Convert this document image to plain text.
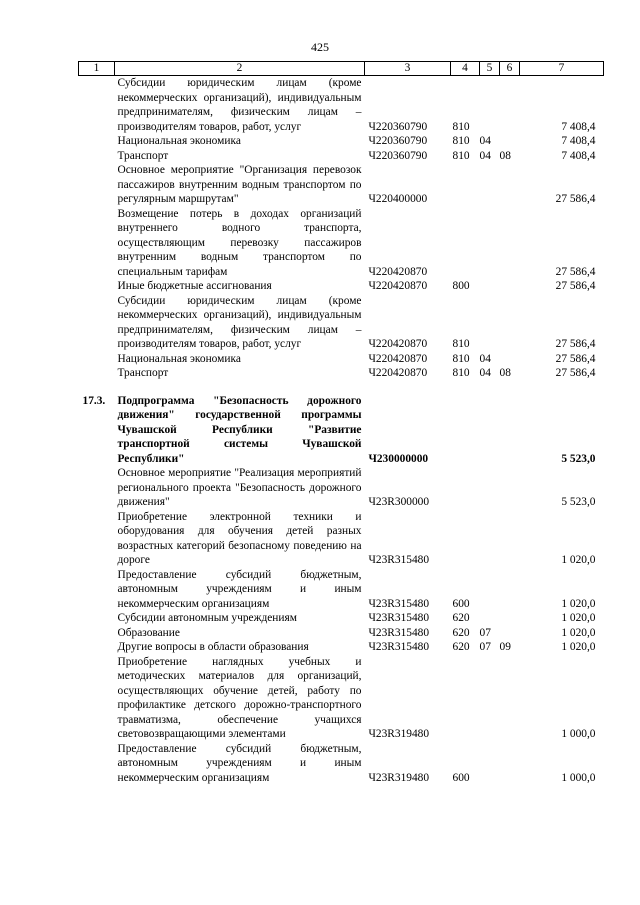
425
1	2	3	4	5	6	7
	Субсидии юридическим лицам (кроме некоммерческих организаций), индивидуальным предпринимателям, физическим лицам – производителям товаров, работ, услуг	Ч220360790	810			7 408,4
	Национальная экономика	Ч220360790	810	04		7 408,4
	Транспорт	Ч220360790	810	04	08	7 408,4
	Основное мероприятие "Организация перевозок пассажиров внутренним водным транспортом по регулярным маршрутам"	Ч220400000				27 586,4
	Возмещение потерь в доходах организаций внутреннего водного транспорта, осуществляющим перевозку пассажиров внутренним водным транспортом по специальным тарифам	Ч220420870				27 586,4
	Иные бюджетные ассигнования	Ч220420870	800			27 586,4
	Субсидии юридическим лицам (кроме некоммерческих организаций), индивидуальным предпринимателям, физическим лицам – производителям товаров, работ, услуг	Ч220420870	810			27 586,4
	Национальная экономика	Ч220420870	810	04		27 586,4
	Транспорт	Ч220420870	810	04	08	27 586,4
17.3.	Подпрограмма "Безопасность дорожного движения" государственной программы Чувашской Республики "Развитие транспортной системы Чувашской Республики"	Ч230000000				5 523,0
	Основное мероприятие "Реализация мероприятий регионального проекта "Безопасность дорожного движения"	Ч23R300000				5 523,0
	Приобретение электронной техники и оборудования для обучения детей разных возрастных категорий безопасному поведению на дороге	Ч23R315480				1 020,0
	Предоставление субсидий бюджетным, автономным учреждениям и иным некоммерческим организациям	Ч23R315480	600			1 020,0
	Субсидии автономным учреждениям	Ч23R315480	620			1 020,0
	Образование	Ч23R315480	620	07		1 020,0
	Другие вопросы в области образования	Ч23R315480	620	07	09	1 020,0
	Приобретение наглядных учебных и методических материалов для организаций, осуществляющих обучение детей, работу по профилактике детского дорожно-транспортного травматизма, обеспечение учащихся световозвращающими элементами	Ч23R319480				1 000,0
	Предоставление субсидий бюджетным, автономным учреждениям и иным некоммерческим организациям	Ч23R319480	600			1 000,0
